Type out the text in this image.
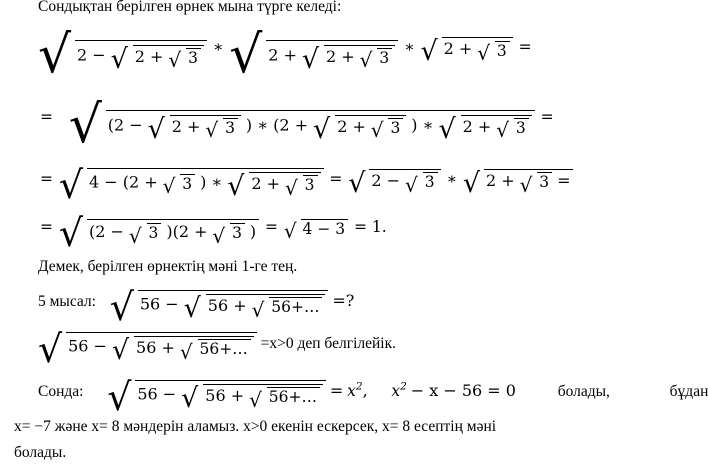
Сондықтан берілген өрнек мына түрге келеді:
√ 2 − √ 2 + √ 3 ∗ √ 2 + √ 2 + √ 3 ∗ √ 2 + √ 3 =
= √ (2 − √ 2 + √ 3 ) ∗ (2 + √ 2 + √ 3 ) ∗ √ 2 + √ 3 =
= √ 4 − (2 + √ 3 ) ∗ √ 2 + √ 3 = √ 2 − √ 3 ∗ √ 2 + √ 3 =
= √ (2 − √ 3 )(2 + √ 3 ) = √ 4 − 3 = 1.
Демек, берілген өрнектің мәні 1-ге тең.
5 мысал: √ 56 − √ 56 + √ 56+… =?
√ 56 − √ 56 + √ 56+… =x>0 деп белгілейік.
Сонда: √ 56 − √ 56 + √ 56+… = $x^2$, $x^2 - x - 56 = 0$	болады,	бұдан
x= −7 және x= 8 мәндерін аламыз. x>0 екенін ескерсек, x= 8 есептің мәні
болады.
